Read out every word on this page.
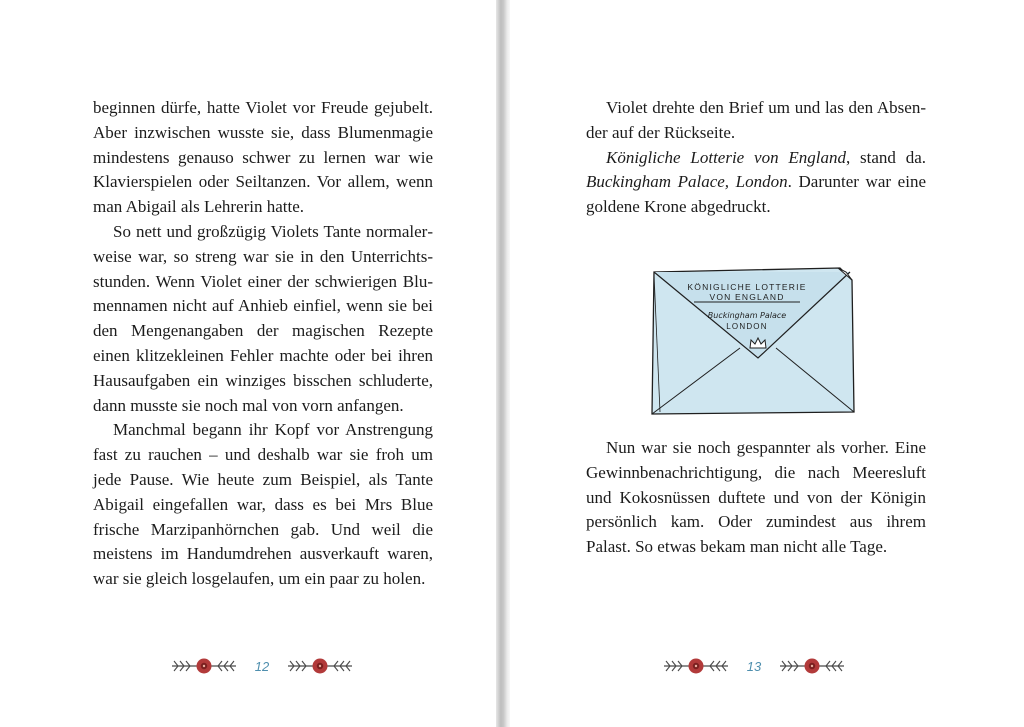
beginnen dürfe, hatte Violet vor Freude gejubelt. Aber inzwischen wusste sie, dass Blumenmagie mindestens genauso schwer zu lernen war wie Klavierspielen oder Seiltanzen. Vor allem, wenn man Abigail als Lehrerin hatte.

So nett und großzügig Violets Tante normalerweise war, so streng war sie in den Unterrichtsstunden. Wenn Violet einer der schwierigen Blumennamen nicht auf Anhieb einfiel, wenn sie bei den Mengenangaben der magischen Rezepte einen klitzekleinen Fehler machte oder bei ihren Hausaufgaben ein winziges bisschen schluderte, dann musste sie noch mal von vorn anfangen.

Manchmal begann ihr Kopf vor Anstrengung fast zu rauchen – und deshalb war sie froh um jede Pause. Wie heute zum Beispiel, als Tante Abigail eingefallen war, dass es bei Mrs Blue frische Marzipanhörnchen gab. Und weil die meistens im Handumdrehen ausverkauft waren, war sie gleich losgelaufen, um ein paar zu holen.

12

Violet drehte den Brief um und las den Absender auf der Rückseite.

Königliche Lotterie von England, stand da. Buckingham Palace, London. Darunter war eine goldene Krone abgedruckt.

Nun war sie noch gespannter als vorher. Eine Gewinnbenachrichtigung, die nach Meeresluft und Kokosnüssen duftete und von der Königin persönlich kam. Oder zumindest aus ihrem Palast. So etwas bekam man nicht alle Tage.

KÖNIGLICHE LOTTERIE
VON ENGLAND
Buckingham Palace
LONDON
13
